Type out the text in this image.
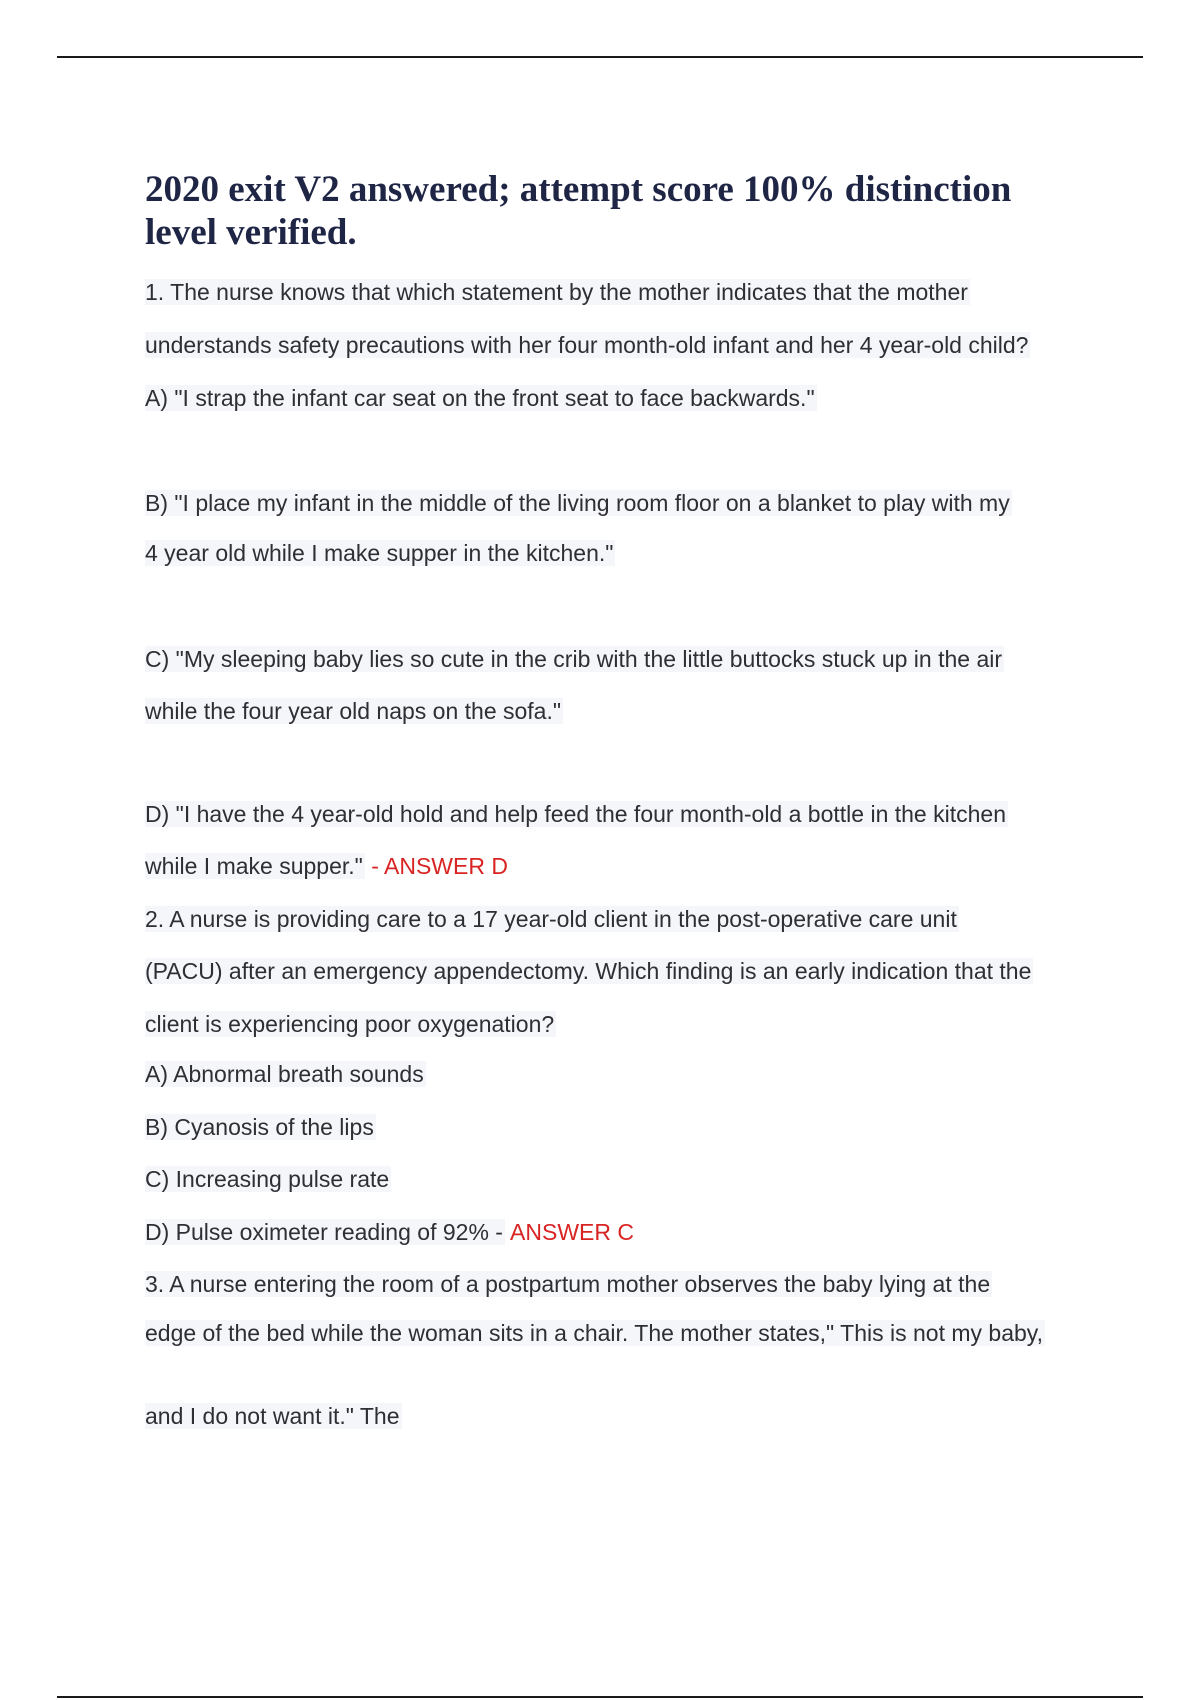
2020 exit V2 answered; attempt score 100% distinction level verified.
1. The nurse knows that which statement by the mother indicates that the mother
understands safety precautions with her four month-old infant and her 4 year-old child?
A) "I strap the infant car seat on the front seat to face backwards."
B) "I place my infant in the middle of the living room floor on a blanket to play with my
4 year old while I make supper in the kitchen."
C) "My sleeping baby lies so cute in the crib with the little buttocks stuck up in the air
while the four year old naps on the sofa."
D) "I have the 4 year-old hold and help feed the four month-old a bottle in the kitchen
while I make supper." - ANSWER D
2. A nurse is providing care to a 17 year-old client in the post-operative care unit
(PACU) after an emergency appendectomy. Which finding is an early indication that the
client is experiencing poor oxygenation?
A) Abnormal breath sounds
B) Cyanosis of the lips
C) Increasing pulse rate
D) Pulse oximeter reading of 92% - ANSWER C
3. A nurse entering the room of a postpartum mother observes the baby lying at the
edge of the bed while the woman sits in a chair. The mother states," This is not my baby,
and I do not want it." The
